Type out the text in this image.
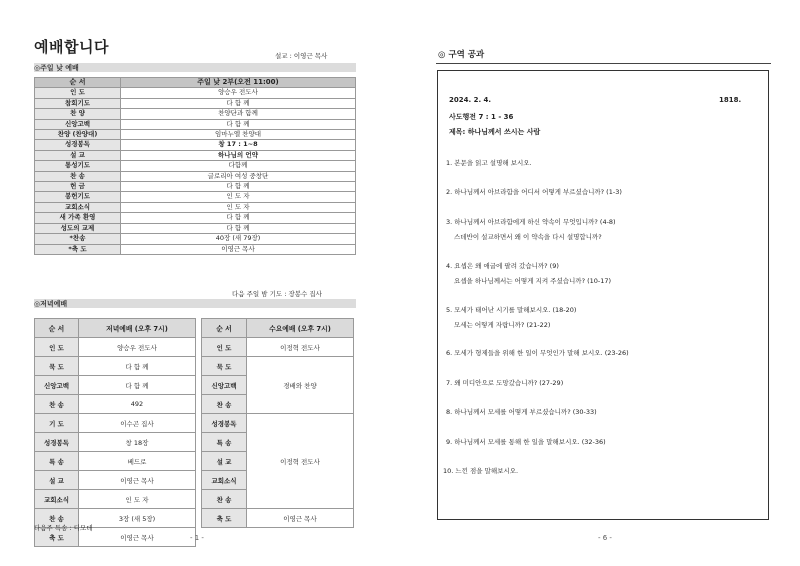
예배합니다	설교 : 이영근 목사
◎주일 낮 예배
순 서	주일 낮 2부(오전 11:00)
인 도	양승우 전도사
참회기도	다 함 께
찬 양	찬양단과 함께
신앙고백	다 함 께
찬양 (찬양대)	임마누엘 찬양대
성경봉독	창 17 : 1~8
설 교	하나님의 언약
통성기도	다함께
찬 송	글로리아 여성 중창단
헌 금	다 함 께
봉헌기도	인 도 자
교회소식	인 도 자
새 가족 환영	다 함 께
성도의 교제	다 함 께
*찬송	40장 (새 79장)
*축 도	이영근 목사
다음 주일 밤 기도 : 장봉수 집사
◎저녁예배
순 서	저녁예배 (오후 7시)
인 도	양승우 전도사
묵 도	다 함 께
신앙고백	다 함 께
찬 송	492
기 도	이수곤 집사
성경봉독	창 18장
특 송	베드로
설 교	이영근 목사
교회소식	인 도 자
찬 송	3장 (새 5장)
축 도	이영근 목사
순 서	수요예배 (오후 7시)
인 도	이정혁 전도사
묵 도	경배와 찬양
신앙고백	
찬 송	
성경봉독	이정혁 전도사
특 송	
설 교	
교회소식	
찬 송	
축 도	이영근 목사
다음주 특송 : 디모데
- 1 -
◎ 구역 공과
2024. 2. 4.	1818.
사도행전 7 : 1 - 36
제목: 하나님께서 쓰시는 사람
1. 본문을 읽고 설명해 보시오.
2. 하나님께서 아브라함을 어디서 어떻게 부르셨습니까? (1-3)
3. 하나님께서 아브라함에게 하신 약속이 무엇입니까? (4-8)
스데반이 설교하면서 왜 이 약속을 다시 설명합니까?
4. 요셉은 왜 애굽에 팔려 갔습니까? (9)
요셉을 하나님께서는 어떻게 지켜 주셨습니까? (10-17)
5. 모세가 태어난 시기를 말해보시오. (18-20)
모세는 어떻게 자랍니까? (21-22)
6. 모세가 형제들을 위해 한 일이 무엇인가 말해 보시오. (23-26)
7. 왜 미디안으로 도망갔습니까? (27-29)
8. 하나님께서 모세를 어떻게 부르셨습니까? (30-33)
9. 하나님께서 모세를 통해 한 일을 말해보시오. (32-36)
10. 느낀 점을 말해보시오.
- 6 -
